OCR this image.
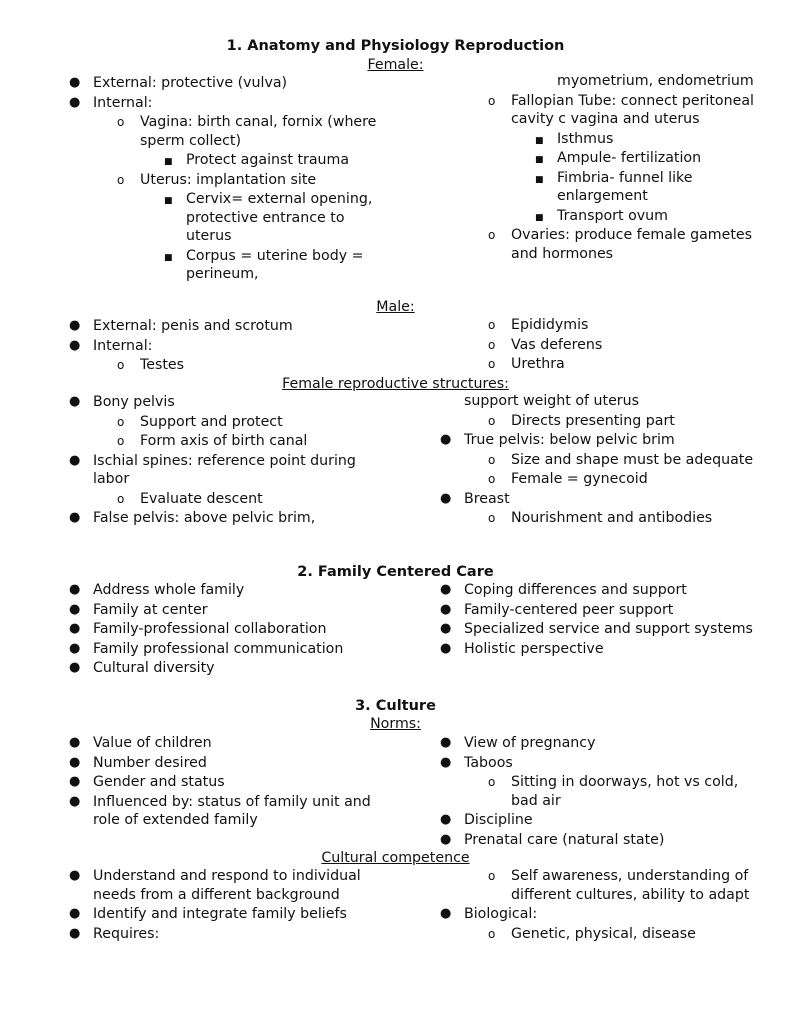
1. Anatomy and Physiology Reproduction
Female:
● External: protective (vulva)
● Internal:
o Vagina: birth canal, fornix (where sperm collect)
■ Protect against trauma
o Uterus: implantation site
■ Cervix= external opening, protective entrance to uterus
■ Corpus = uterine body = perineum,
myometrium, endometrium
o Fallopian Tube: connect peritoneal cavity c vagina and uterus
■ Isthmus
■ Ampule- fertilization
■ Fimbria- funnel like enlargement
■ Transport ovum
o Ovaries: produce female gametes and hormones
Male:
● External: penis and scrotum
● Internal:
o Testes
o Epididymis
o Vas deferens
o Urethra
Female reproductive structures:
● Bony pelvis
o Support and protect
o Form axis of birth canal
● Ischial spines: reference point during labor
o Evaluate descent
● False pelvis: above pelvic brim,
support weight of uterus
o Directs presenting part
● True pelvis: below pelvic brim
o Size and shape must be adequate
o Female = gynecoid
● Breast
o Nourishment and antibodies
2. Family Centered Care
● Address whole family
● Family at center
● Family-professional collaboration
● Family professional communication
● Cultural diversity
● Coping differences and support
● Family-centered peer support
● Specialized service and support systems
● Holistic perspective
3. Culture
Norms:
● Value of children
● Number desired
● Gender and status
● Influenced by: status of family unit and role of extended family
● View of pregnancy
● Taboos
o Sitting in doorways, hot vs cold, bad air
● Discipline
● Prenatal care (natural state)
Cultural competence
● Understand and respond to individual needs from a different background
● Identify and integrate family beliefs
● Requires:
o Self awareness, understanding of different cultures, ability to adapt
● Biological:
o Genetic, physical, disease
